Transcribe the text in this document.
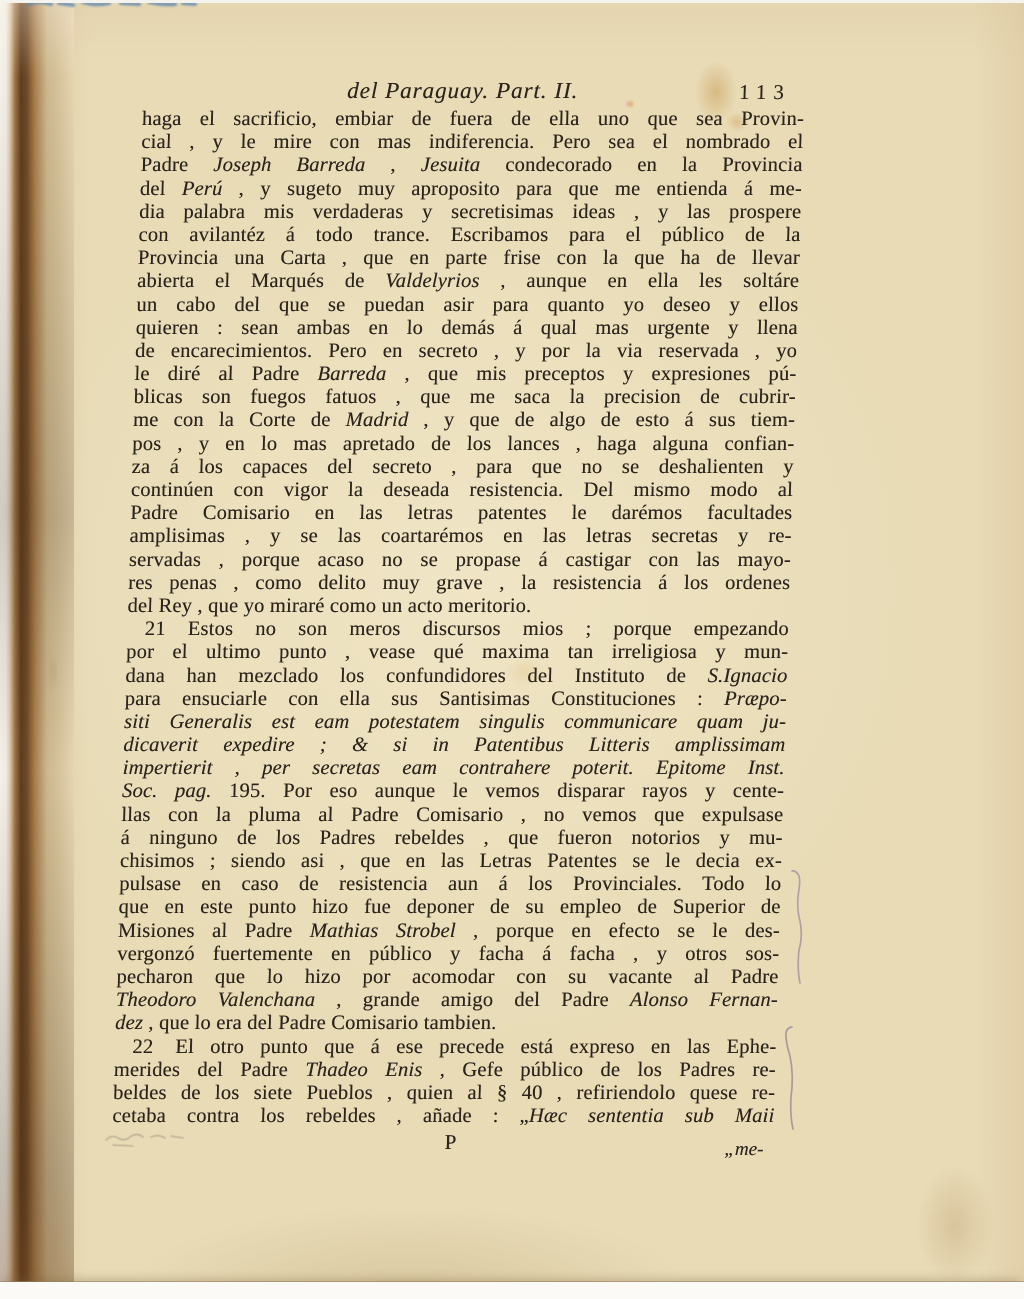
del Paraguay. Part. II.	113
haga el sacrificio, embiar de fuera de ella uno que sea Provin-
cial , y le mire con mas indiferencia. Pero sea el nombrado el
Padre Joseph Barreda , Jesuita condecorado en la Provincia
del Perú , y sugeto muy aproposito para que me entienda á me-
dia palabra mis verdaderas y secretisimas ideas , y las prospere
con avilantéz á todo trance. Escribamos para el público de la
Provincia una Carta , que en parte frise con la que ha de llevar
abierta el Marqués de Valdelyrios , aunque en ella les soltáre
un cabo del que se puedan asir para quanto yo deseo y ellos
quieren : sean ambas en lo demás á qual mas urgente y llena
de encarecimientos. Pero en secreto , y por la via reservada , yo
le diré al Padre Barreda , que mis preceptos y expresiones pú-
blicas son fuegos fatuos , que me saca la precision de cubrir-
me con la Corte de Madrid , y que de algo de esto á sus tiem-
pos , y en lo mas apretado de los lances , haga alguna confian-
za á los capaces del secreto , para que no se deshalienten y
continúen con vigor la deseada resistencia. Del mismo modo al
Padre Comisario en las letras patentes le darémos facultades
amplisimas , y se las coartarémos en las letras secretas y re-
servadas , porque acaso no se propase á castigar con las mayo-
res penas , como delito muy grave , la resistencia á los ordenes
del Rey , que yo miraré como un acto meritorio.
21 Estos no son meros discursos mios ; porque empezando
por el ultimo punto , vease qué maxima tan irreligiosa y mun-
dana han mezclado los confundidores del Instituto de S.Ignacio
para ensuciarle con ella sus Santisimas Constituciones : Præpo-
siti Generalis est eam potestatem singulis communicare quam ju-
dicaverit expedire ; & si in Patentibus Litteris amplissimam
impertierit , per secretas eam contrahere poterit. Epitome Inst.
Soc. pag. 195. Por eso aunque le vemos disparar rayos y cente-
llas con la pluma al Padre Comisario , no vemos que expulsase
á ninguno de los Padres rebeldes , que fueron notorios y mu-
chisimos ; siendo asi , que en las Letras Patentes se le decia ex-
pulsase en caso de resistencia aun á los Provinciales. Todo lo
que en este punto hizo fue deponer de su empleo de Superior de
Misiones al Padre Mathias Strobel , porque en efecto se le des-
vergonzó fuertemente en público y facha á facha , y otros sos-
pecharon que lo hizo por acomodar con su vacante al Padre
Theodoro Valenchana , grande amigo del Padre Alonso Fernan-
dez , que lo era del Padre Comisario tambien.
22 El otro punto que á ese precede está expreso en las Ephe-
merides del Padre Thadeo Enis , Gefe público de los Padres re-
beldes de los siete Pueblos , quien al § 40 , refiriendolo quese re-
cetaba contra los rebeldes , añade : „Hæc sententia sub Maii
P	„me-
